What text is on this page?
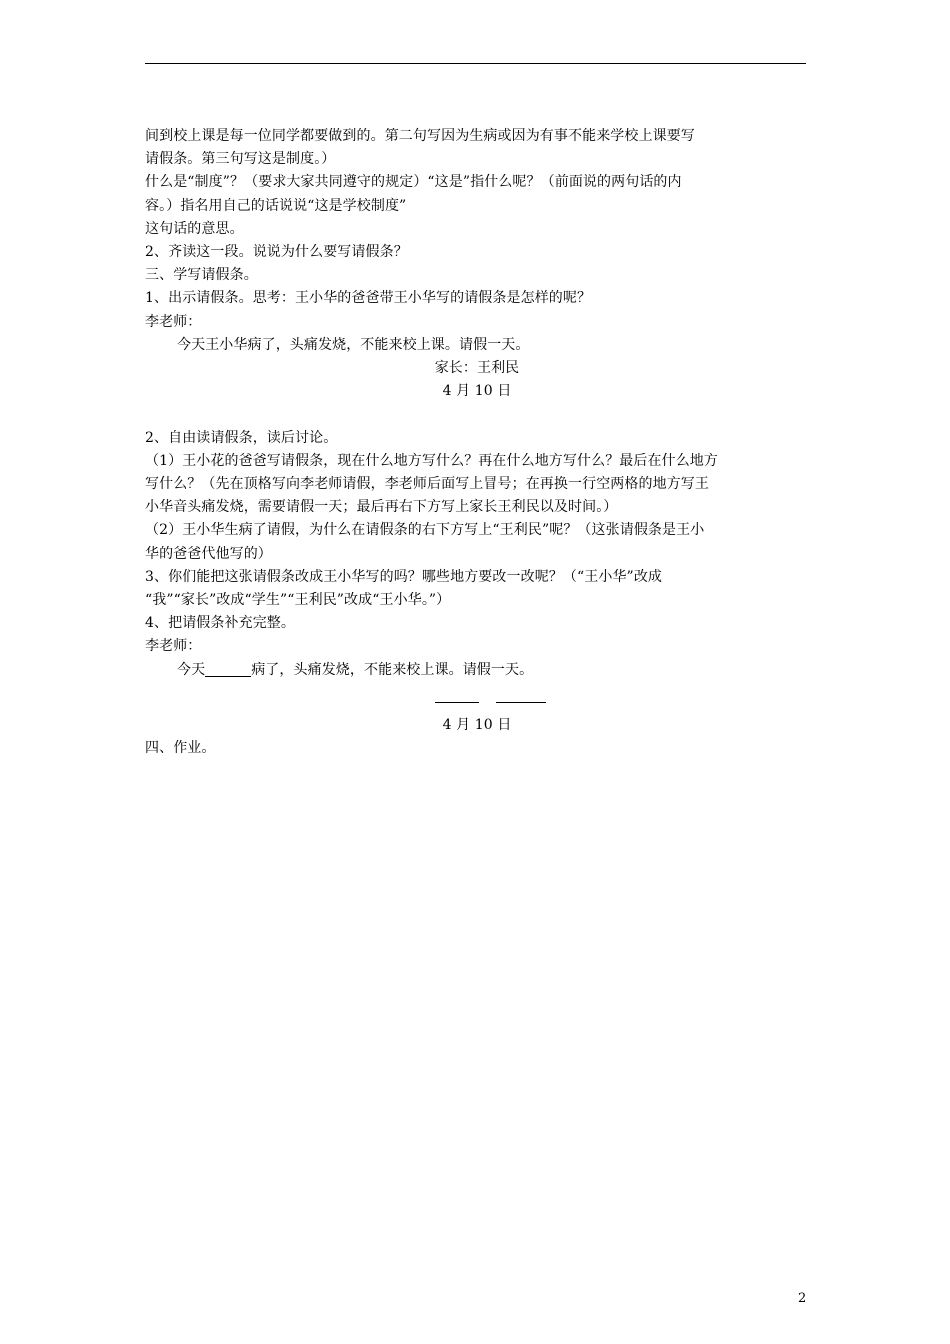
间到校上课是每一位同学都要做到的。第二句写因为生病或因为有事不能来学校上课要写

请假条。第三句写这是制度。）

什么是“制度”？（要求大家共同遵守的规定）“这是”指什么呢？（前面说的两句话的内

容。）指名用自己的话说说“这是学校制度”

这句话的意思。

2、齐读这一段。说说为什么要写请假条？

三、学写请假条。

1、出示请假条。思考：王小华的爸爸带王小华写的请假条是怎样的呢？

李老师：

今天王小华病了，头痛发烧，不能来校上课。请假一天。

家长：王利民

4 月 10 日

2、自由读请假条，读后讨论。

（1）王小花的爸爸写请假条，现在什么地方写什么？再在什么地方写什么？最后在什么地方

写什么？（先在顶格写向李老师请假，李老师后面写上冒号；在再换一行空两格的地方写王

小华音头痛发烧，需要请假一天；最后再右下方写上家长王利民以及时间。）

（2）王小华生病了请假，为什么在请假条的右下方写上“王利民”呢？（这张请假条是王小

华的爸爸代他写的）

3、你们能把这张请假条改成王小华写的吗？哪些地方要改一改呢？（“王小华”改成

“我”“家长”改成“学生”“王利民”改成“王小华。”）

4、把请假条补充完整。

李老师：

今天	病了，头痛发烧，不能来校上课。请假一天。

4 月 10 日

四、作业。

2
